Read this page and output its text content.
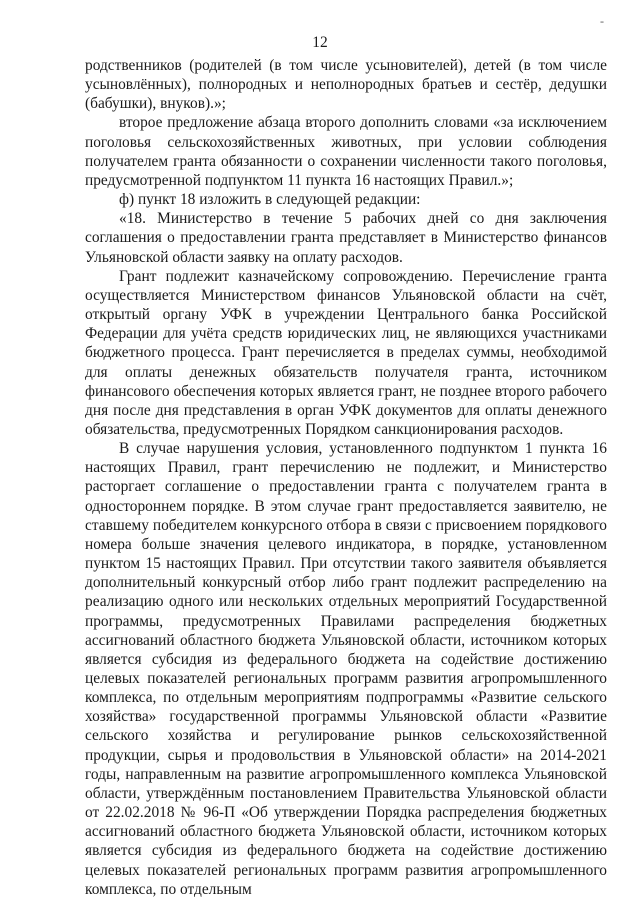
-
12

родственников (родителей (в том числе усыновителей), детей (в том числе усыновлённых), полнородных и неполнородных братьев и сестёр, дедушки (бабушки), внуков).»;

второе предложение абзаца второго дополнить словами «за исключением поголовья сельскохозяйственных животных, при условии соблюдения получателем гранта обязанности о сохранении численности такого поголовья, предусмотренной подпунктом 11 пункта 16 настоящих Правил.»;

ф) пункт 18 изложить в следующей редакции:

«18. Министерство в течение 5 рабочих дней со дня заключения соглашения о предоставлении гранта представляет в Министерство финансов Ульяновской области заявку на оплату расходов.

Грант подлежит казначейскому сопровождению. Перечисление гранта осуществляется Министерством финансов Ульяновской области на счёт, открытый органу УФК в учреждении Центрального банка Российской Федерации для учёта средств юридических лиц, не являющихся участниками бюджетного процесса. Грант перечисляется в пределах суммы, необходимой для оплаты денежных обязательств получателя гранта, источником финансового обеспечения которых является грант, не позднее второго рабочего дня после дня представления в орган УФК документов для оплаты денежного обязательства, предусмотренных Порядком санкционирования расходов.

В случае нарушения условия, установленного подпунктом 1 пункта 16 настоящих Правил, грант перечислению не подлежит, и Министерство расторгает соглашение о предоставлении гранта с получателем гранта в одностороннем порядке. В этом случае грант предоставляется заявителю, не ставшему победителем конкурсного отбора в связи с присвоением порядкового номера больше значения целевого индикатора, в порядке, установленном пунктом 15 настоящих Правил. При отсутствии такого заявителя объявляется дополнительный конкурсный отбор либо грант подлежит распределению на реализацию одного или нескольких отдельных мероприятий Государственной программы, предусмотренных Правилами распределения бюджетных ассигнований областного бюджета Ульяновской области, источником которых является субсидия из федерального бюджета на содействие достижению целевых показателей региональных программ развития агропромышленного комплекса, по отдельным мероприятиям подпрограммы «Развитие сельского хозяйства» государственной программы Ульяновской области «Развитие сельского хозяйства и регулирование рынков сельскохозяйственной продукции, сырья и продовольствия в Ульяновской области» на 2014-2021 годы, направленным на развитие агропромышленного комплекса Ульяновской области, утверждённым постановлением Правительства Ульяновской области от 22.02.2018 № 96-П «Об утверждении Порядка распределения бюджетных ассигнований областного бюджета Ульяновской области, источником которых является субсидия из федерального бюджета на содействие достижению целевых показателей региональных программ развития агропромышленного комплекса, по отдельным
